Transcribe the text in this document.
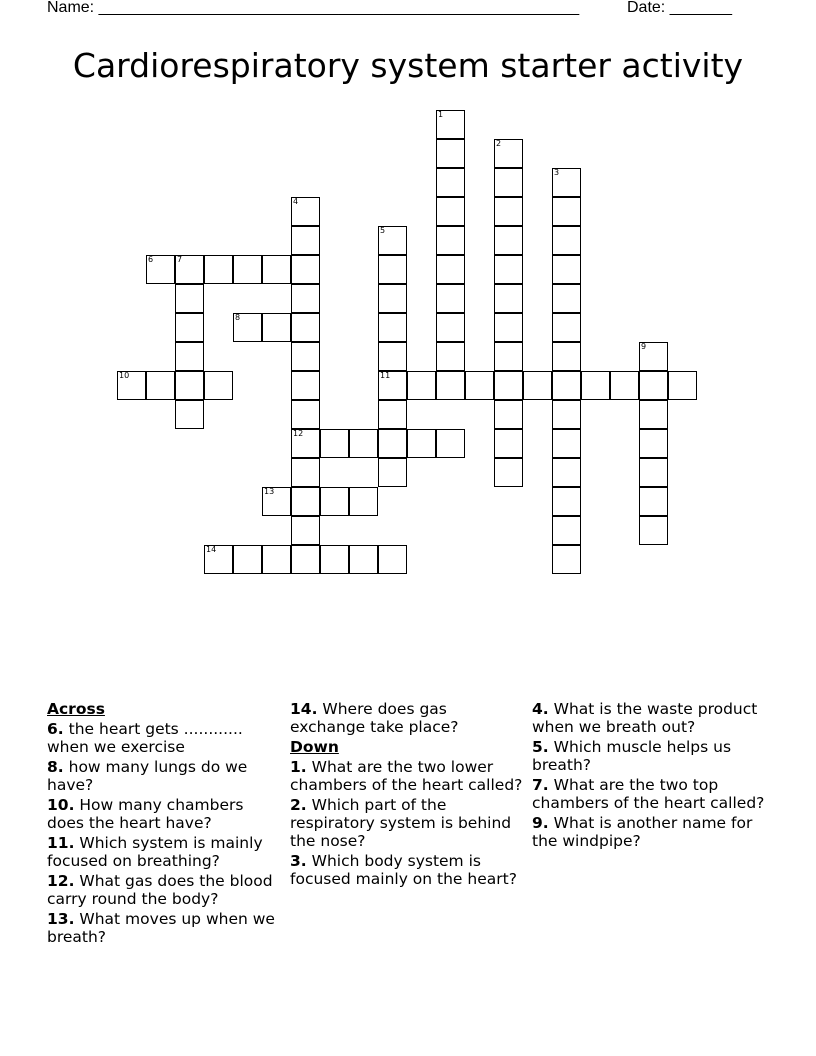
Name: ______________________________________________________	Date: _______
Cardiorespiratory system starter activity
1
2
3
4
12
5
11
6	7
8
9
10
13
14
Across
6. the heart gets ............ when we exercise
8. how many lungs do we have?
10. How many chambers does the heart have?
11. Which system is mainly focused on breathing?
12. What gas does the blood carry round the body?
13. What moves up when we breath?
14. Where does gas exchange take place?
Down
1. What are the two lower chambers of the heart called?
2. Which part of the respiratory system is behind the nose?
3. Which body system is focused mainly on the heart?
4. What is the waste product when we breath out?
5. Which muscle helps us breath?
7. What are the two top chambers of the heart called?
9. What is another name for the windpipe?
